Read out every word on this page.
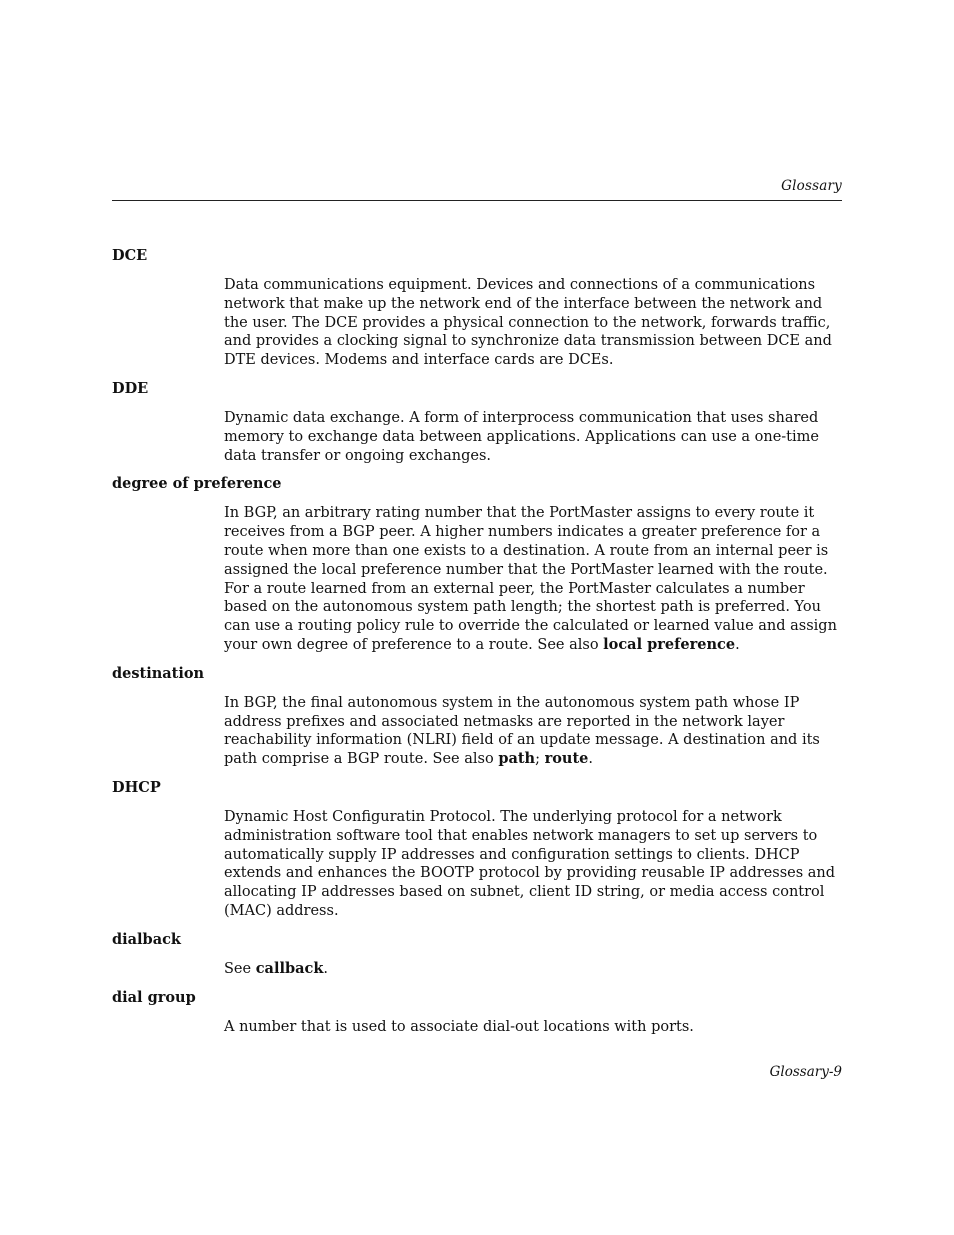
Glossary
DCE

Data communications equipment. Devices and connections of a communications network that make up the network end of the interface between the network and the user. The DCE provides a physical connection to the network, forwards traffic, and provides a clocking signal to synchronize data transmission between DCE and DTE devices. Modems and interface cards are DCEs.

DDE

Dynamic data exchange. A form of interprocess communication that uses shared memory to exchange data between applications. Applications can use a one-time data transfer or ongoing exchanges.

degree of preference

In BGP, an arbitrary rating number that the PortMaster assigns to every route it receives from a BGP peer. A higher numbers indicates a greater preference for a route when more than one exists to a destination. A route from an internal peer is assigned the local preference number that the PortMaster learned with the route. For a route learned from an external peer, the PortMaster calculates a number based on the autonomous system path length; the shortest path is preferred. You can use a routing policy rule to override the calculated or learned value and assign your own degree of preference to a route. See also local preference.

destination

In BGP, the final autonomous system in the autonomous system path whose IP address prefixes and associated netmasks are reported in the network layer reachability information (NLRI) field of an update message. A destination and its path comprise a BGP route. See also path; route.

DHCP

Dynamic Host Configuratin Protocol. The underlying protocol for a network administration software tool that enables network managers to set up servers to automatically supply IP addresses and configuration settings to clients. DHCP extends and enhances the BOOTP protocol by providing reusable IP addresses and allocating IP addresses based on subnet, client ID string, or media access control (MAC) address.

dialback

See callback.

dial group

A number that is used to associate dial-out locations with ports.

Glossary-9
